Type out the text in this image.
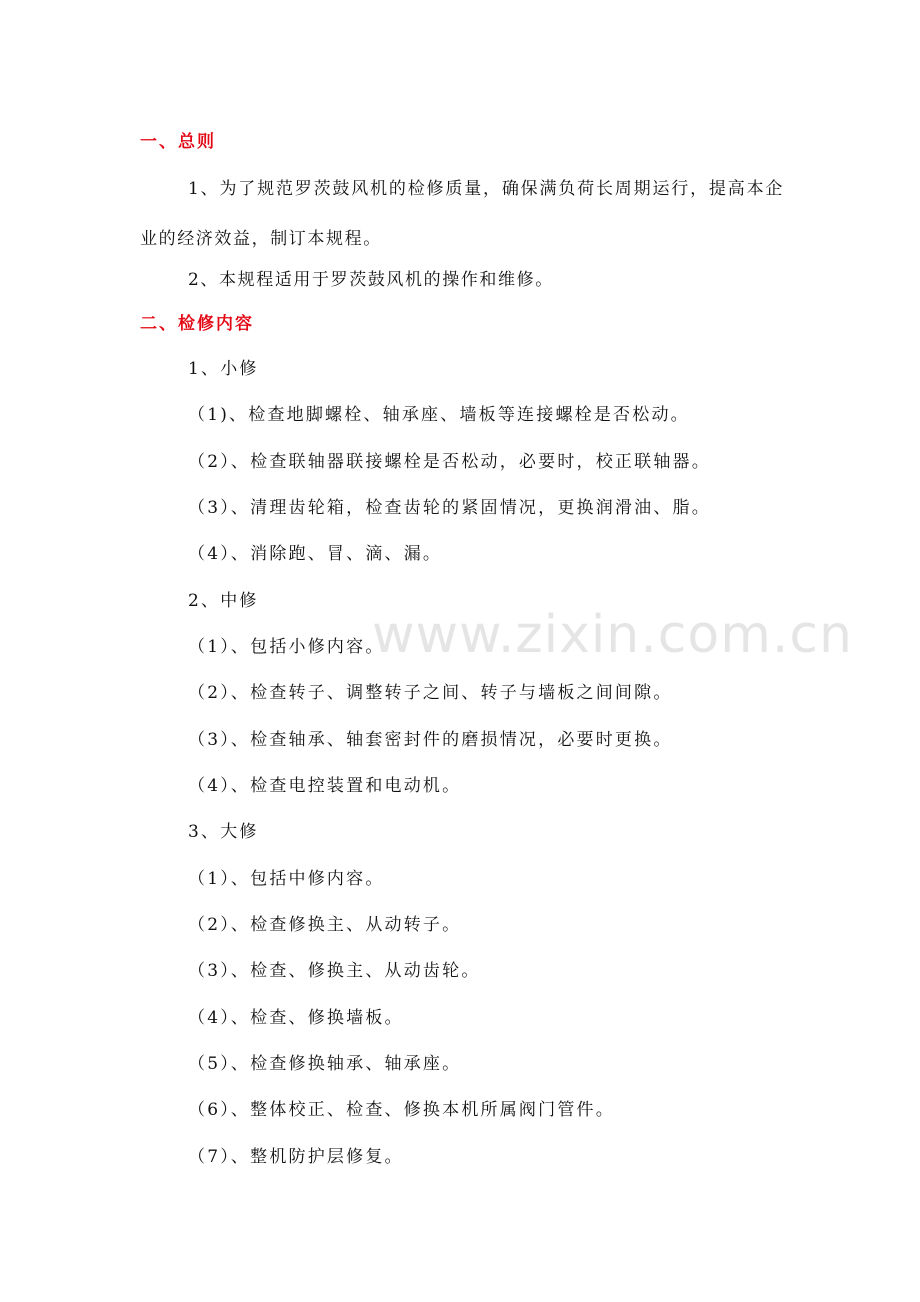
一、总则
1、为了规范罗茨鼓风机的检修质量，确保满负荷长周期运行，提高本企业的经济效益，制订本规程。
2、本规程适用于罗茨鼓风机的操作和维修。
二、检修内容
1、小修
（1)、检查地脚螺栓、轴承座、墙板等连接螺栓是否松动。
（2）、检查联轴器联接螺栓是否松动，必要时，校正联轴器。
（3）、清理齿轮箱，检查齿轮的紧固情况，更换润滑油、脂。
（4）、消除跑、冒、滴、漏。
2、中修
（1）、包括小修内容。
（2）、检查转子、调整转子之间、转子与墙板之间间隙。
（3）、检查轴承、轴套密封件的磨损情况，必要时更换。
（4）、检查电控装置和电动机。
3、大修
（1）、包括中修内容。
（2）、检查修换主、从动转子。
（3）、检查、修换主、从动齿轮。
（4）、检查、修换墙板。
（5）、检查修换轴承、轴承座。
（6）、整体校正、检查、修换本机所属阀门管件。
（7）、整机防护层修复。
www.zixin.com.cn
